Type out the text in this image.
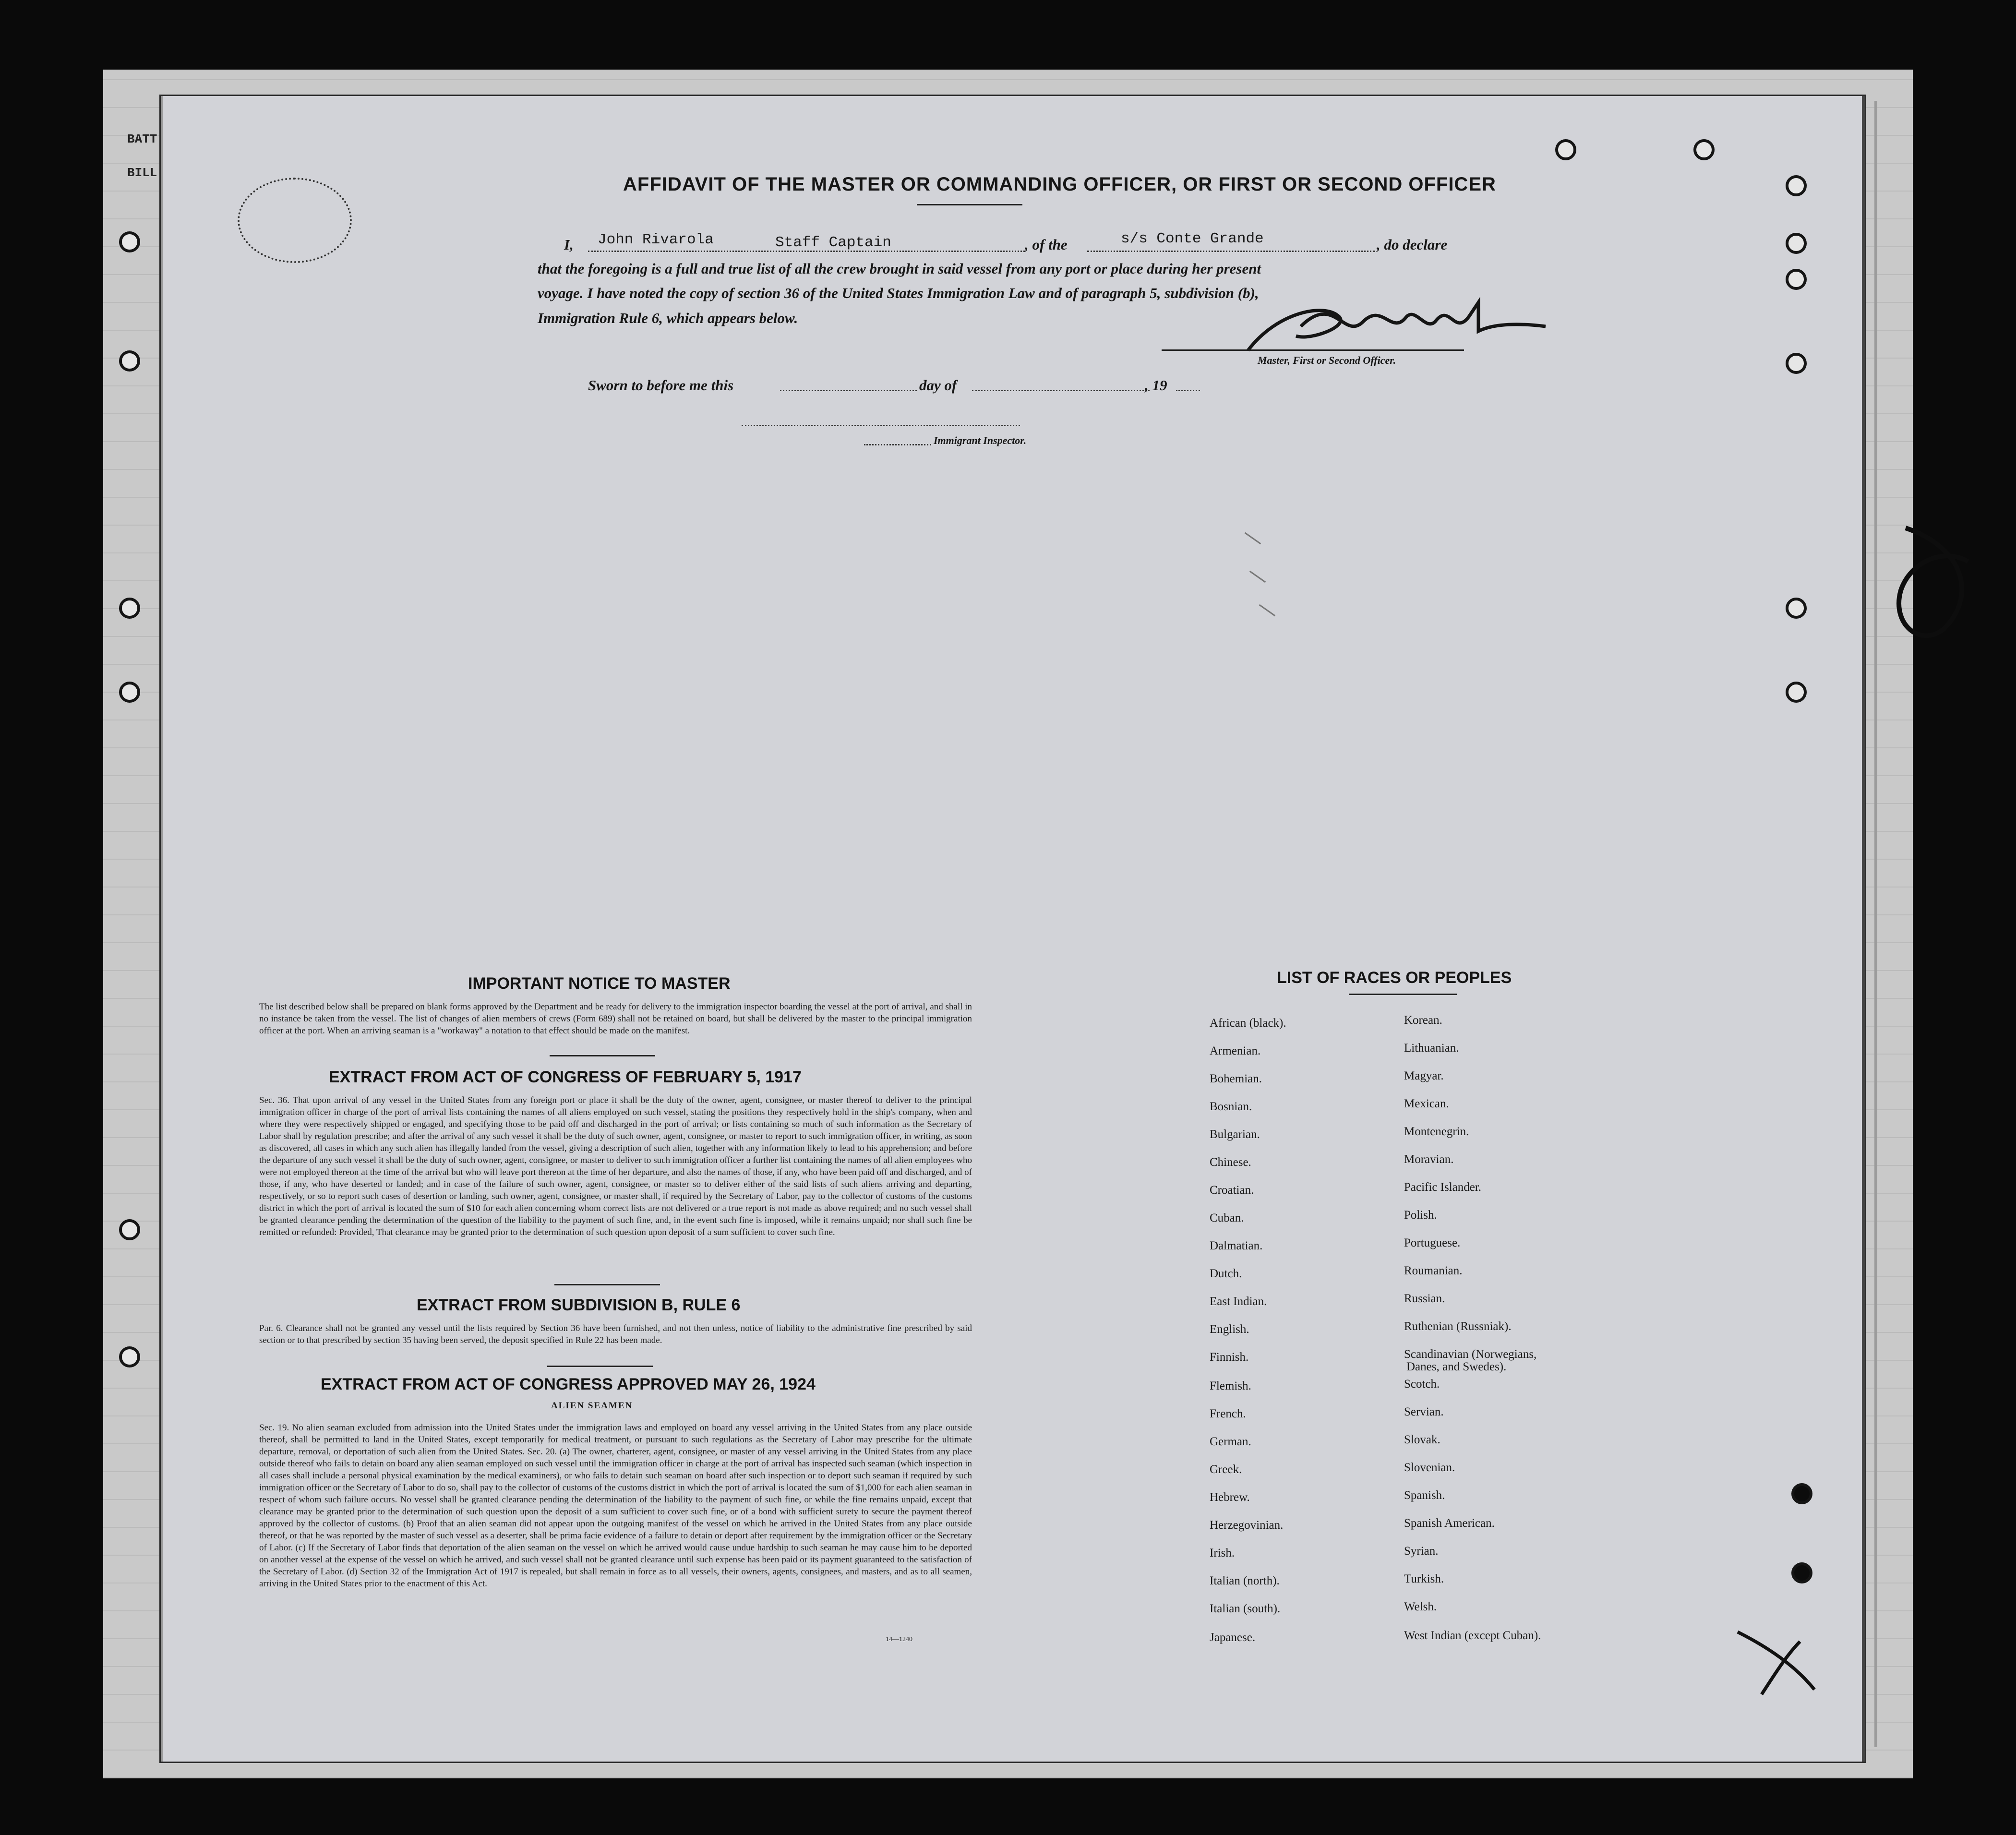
BATT
BILL
AFFIDAVIT OF THE MASTER OR COMMANDING OFFICER, OR FIRST OR SECOND OFFICER
I, John Rivarola	Staff Captain	, of the	s/s Conte Grande	, do declare
that the foregoing is a full and true list of all the crew brought in said vessel from any port or place during her present
voyage. I have noted the copy of section 36 of the United States Immigration Law and of paragraph 5, subdivision (b),
Immigration Rule 6, which appears below.
Master, First or Second Officer.
Sworn to before me this	day of	, 19
Immigrant Inspector.
IMPORTANT NOTICE TO MASTER
The list described below shall be prepared on blank forms approved by the Department and be ready for delivery to the immigration inspector boarding the vessel at the port of arrival, and shall in no instance be taken from the vessel. The list of changes of alien members of crews (Form 689) shall not be retained on board, but shall be delivered by the master to the principal immigration officer at the port. When an arriving seaman is a "workaway" a notation to that effect should be made on the manifest.
EXTRACT FROM ACT OF CONGRESS OF FEBRUARY 5, 1917
Sec. 36. That upon arrival of any vessel in the United States from any foreign port or place it shall be the duty of the owner, agent, consignee, or master thereof to deliver to the principal immigration officer in charge of the port of arrival lists containing the names of all aliens employed on such vessel, stating the positions they respectively hold in the ship's company, when and where they were respectively shipped or engaged, and specifying those to be paid off and discharged in the port of arrival; or lists containing so much of such information as the Secretary of Labor shall by regulation prescribe; and after the arrival of any such vessel it shall be the duty of such owner, agent, consignee, or master to report to such immigration officer, in writing, as soon as discovered, all cases in which any such alien has illegally landed from the vessel, giving a description of such alien, together with any information likely to lead to his apprehension; and before the departure of any such vessel it shall be the duty of such owner, agent, consignee, or master to deliver to such immigration officer a further list containing the names of all alien employees who were not employed thereon at the time of the arrival but who will leave port thereon at the time of her departure, and also the names of those, if any, who have been paid off and discharged, and of those, if any, who have deserted or landed; and in case of the failure of such owner, agent, consignee, or master so to deliver either of the said lists of such aliens arriving and departing, respectively, or so to report such cases of desertion or landing, such owner, agent, consignee, or master shall, if required by the Secretary of Labor, pay to the collector of customs of the customs district in which the port of arrival is located the sum of $10 for each alien concerning whom correct lists are not delivered or a true report is not made as above required; and no such vessel shall be granted clearance pending the determination of the question of the liability to the payment of such fine, and, in the event such fine is imposed, while it remains unpaid; nor shall such fine be remitted or refunded: Provided, That clearance may be granted prior to the determination of such question upon deposit of a sum sufficient to cover such fine.
EXTRACT FROM SUBDIVISION B, RULE 6
Par. 6. Clearance shall not be granted any vessel until the lists required by Section 36 have been furnished, and not then unless, notice of liability to the administrative fine prescribed by said section or to that prescribed by section 35 having been served, the deposit specified in Rule 22 has been made.
EXTRACT FROM ACT OF CONGRESS APPROVED MAY 26, 1924
ALIEN SEAMEN
Sec. 19. No alien seaman excluded from admission into the United States under the immigration laws and employed on board any vessel arriving in the United States from any place outside thereof, shall be permitted to land in the United States, except temporarily for medical treatment, or pursuant to such regulations as the Secretary of Labor may prescribe for the ultimate departure, removal, or deportation of such alien from the United States. Sec. 20. (a) The owner, charterer, agent, consignee, or master of any vessel arriving in the United States from any place outside thereof who fails to detain on board any alien seaman employed on such vessel until the immigration officer in charge at the port of arrival has inspected such seaman (which inspection in all cases shall include a personal physical examination by the medical examiners), or who fails to detain such seaman on board after such inspection or to deport such seaman if required by such immigration officer or the Secretary of Labor to do so, shall pay to the collector of customs of the customs district in which the port of arrival is located the sum of $1,000 for each alien seaman in respect of whom such failure occurs. No vessel shall be granted clearance pending the determination of the liability to the payment of such fine, or while the fine remains unpaid, except that clearance may be granted prior to the determination of such question upon the deposit of a sum sufficient to cover such fine, or of a bond with sufficient surety to secure the payment thereof approved by the collector of customs. (b) Proof that an alien seaman did not appear upon the outgoing manifest of the vessel on which he arrived in the United States from any place outside thereof, or that he was reported by the master of such vessel as a deserter, shall be prima facie evidence of a failure to detain or deport after requirement by the immigration officer or the Secretary of Labor. (c) If the Secretary of Labor finds that deportation of the alien seaman on the vessel on which he arrived would cause undue hardship to such seaman he may cause him to be deported on another vessel at the expense of the vessel on which he arrived, and such vessel shall not be granted clearance until such expense has been paid or its payment guaranteed to the satisfaction of the Secretary of Labor. (d) Section 32 of the Immigration Act of 1917 is repealed, but shall remain in force as to all vessels, their owners, agents, consignees, and masters, and as to all seamen, arriving in the United States prior to the enactment of this Act.
14—1240
LIST OF RACES OR PEOPLES
African (black).
Armenian.
Bohemian.
Bosnian.
Bulgarian.
Chinese.
Croatian.
Cuban.
Dalmatian.
Dutch.
East Indian.
English.
Finnish.
Flemish.
French.
German.
Greek.
Hebrew.
Herzegovinian.
Irish.
Italian (north).
Italian (south).
Japanese.
Korean.
Lithuanian.
Magyar.
Mexican.
Montenegrin.
Moravian.
Pacific Islander.
Polish.
Portuguese.
Roumanian.
Russian.
Ruthenian (Russniak).
Scandinavian (Norwegians,
Danes, and Swedes).
Scotch.
Servian.
Slovak.
Slovenian.
Spanish.
Spanish American.
Syrian.
Turkish.
Welsh.
West Indian (except Cuban).
